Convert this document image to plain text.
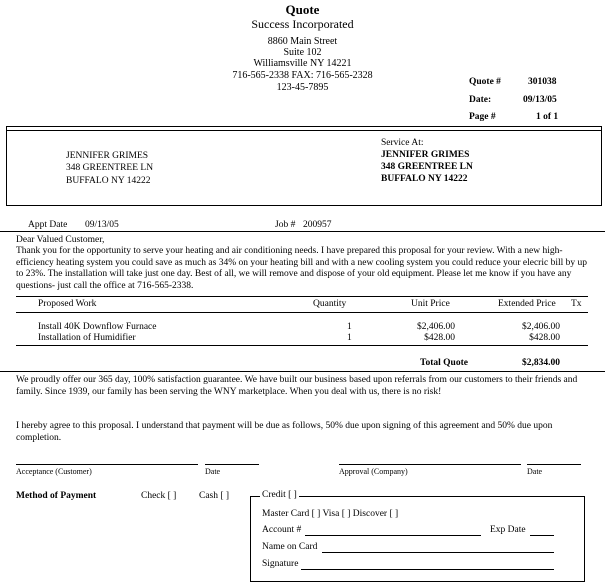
Quote
Success Incorporated
8860 Main Street
Suite 102
Williamsville NY 14221
716-565-2338 FAX: 716-565-2328
123-45-7895	Quote #	301038
Date:	09/13/05
Page #	1 of 1
JENNIFER GRIMES
348 GREENTREE LN
BUFFALO NY 14222
Service At:
JENNIFER GRIMES
348 GREENTREE LN
BUFFALO NY 14222
Appt Date 09/13/05	Job # 200957
Dear Valued Customer,
Thank you for the opportunity to serve your heating and air conditioning needs. I have prepared this proposal for your review. With a new high-efficiency heating system you could save as much as 34% on your heating bill and with a new cooling system you could reduce your elecric bill by up to 23%. The installation will take just one day. Best of all, we will remove and dispose of your old equipment. Please let me know if you have any questions- just call the office at 716-565-2338.
Proposed Work	Quantity	Unit Price	Extended Price Tx
Install 40K Downflow Furnace	1	$2,406.00	$2,406.00
Installation of Humidifier	1	$428.00	$428.00
Total Quote	$2,834.00
We proudly offer our 365 day, 100% satisfaction guarantee. We have built our business based upon referrals from our customers to their friends and family. Since 1939, our family has been serving the WNY marketplace. When you deal with us, there is no risk!
I hereby agree to this proposal. I understand that payment will be due as follows, 50% due upon signing of this agreement and 50% due upon completion.
Acceptance (Customer)	Date	Approval (Company)	Date
Method of Payment	Check [ ] Cash [ ]	Credit [ ]
Master Card [ ] Visa [ ] Discover [ ]
Account #	Exp Date
Name on Card
Signature
